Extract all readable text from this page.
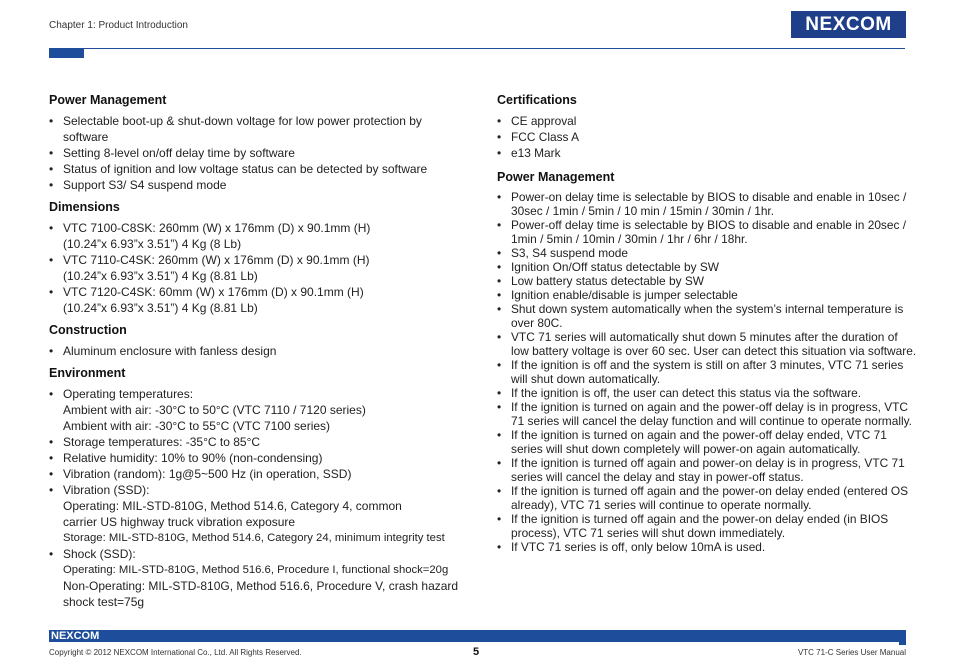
Chapter 1: Product Introduction	NEXCOM
Power Management
• Selectable boot-up & shut-down voltage for low power protection by software
• Setting 8-level on/off delay time by software
• Status of ignition and low voltage status can be detected by software
• Support S3/ S4 suspend mode
Dimensions
• VTC 7100-C8SK: 260mm (W) x 176mm (D) x 90.1mm (H)
(10.24”x 6.93”x 3.51”) 4 Kg (8 Lb)
• VTC 7110-C4SK: 260mm (W) x 176mm (D) x 90.1mm (H)
(10.24”x 6.93”x 3.51”) 4 Kg (8.81 Lb)
• VTC 7120-C4SK: 60mm (W) x 176mm (D) x 90.1mm (H)
(10.24”x 6.93”x 3.51”) 4 Kg (8.81 Lb)
Construction
• Aluminum enclosure with fanless design
Environment
• Operating temperatures:
Ambient with air: -30°C to 50°C (VTC 7110 / 7120 series)
Ambient with air: -30°C to 55°C (VTC 7100 series)
• Storage temperatures: -35°C to 85°C
• Relative humidity: 10% to 90% (non-condensing)
• Vibration (random): 1g@5~500 Hz (in operation, SSD)
• Vibration (SSD):
Operating: MIL-STD-810G, Method 514.6, Category 4, common
carrier US highway truck vibration exposure
Storage: MIL-STD-810G, Method 514.6, Category 24, minimum integrity test
• Shock (SSD):
Operating: MIL-STD-810G, Method 516.6, Procedure I, functional shock=20g
Non-Operating: MIL-STD-810G, Method 516.6, Procedure V, crash hazard
shock test=75g
Certifications
• CE approval
• FCC Class A
• e13 Mark
Power Management
• Power-on delay time is selectable by BIOS to disable and enable in 10sec / 30sec / 1min / 5min / 10 min / 15min / 30min / 1hr.
• Power-off delay time is selectable by BIOS to disable and enable in 20sec / 1min / 5min / 10min / 30min / 1hr / 6hr / 18hr.
• S3, S4 suspend mode
• Ignition On/Off status detectable by SW
• Low battery status detectable by SW
• Ignition enable/disable is jumper selectable
• Shut down system automatically when the system’s internal temperature is over 80C.
• VTC 71 series will automatically shut down 5 minutes after the duration of low battery voltage is over 60 sec. User can detect this situation via software.
• If the ignition is off and the system is still on after 3 minutes, VTC 71 series will shut down automatically.
• If the ignition is off, the user can detect this status via the software.
• If the ignition is turned on again and the power-off delay is in progress, VTC 71 series will cancel the delay function and will continue to operate normally.
• If the ignition is turned on again and the power-off delay ended, VTC 71 series will shut down completely will power-on again automatically.
• If the ignition is turned off again and power-on delay is in progress, VTC 71 series will cancel the delay and stay in power-off status.
• If the ignition is turned off again and the power-on delay ended (entered OS already), VTC 71 series will continue to operate normally.
• If the ignition is turned off again and the power-on delay ended (in BIOS process), VTC 71 series will shut down immediately.
• If VTC 71 series is off, only below 10mA is used.
NEXCOM
Copyright © 2012 NEXCOM International Co., Ltd. All Rights Reserved.	5	VTC 71-C Series User Manual
